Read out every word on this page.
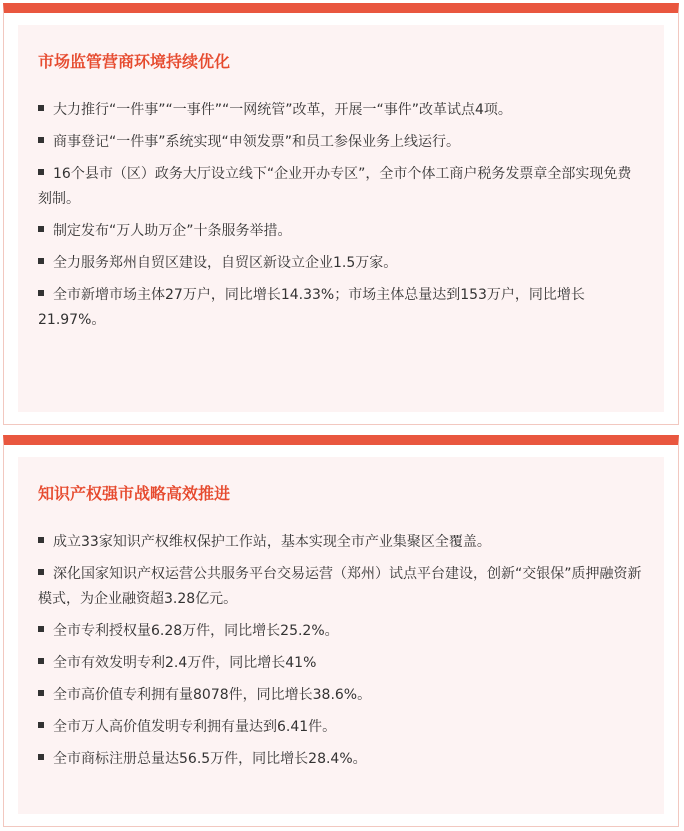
市场监管营商环境持续优化
大力推行“一件事”“一事件”“一网统管”改革，开展一“事件”改革试点4项。
商事登记“一件事”系统实现“申领发票”和员工参保业务上线运行。
16个县市（区）政务大厅设立线下“企业开办专区”，全市个体工商户税务发票章全部实现免费刻制。
制定发布“万人助万企”十条服务举措。
全力服务郑州自贸区建设，自贸区新设立企业1.5万家。
全市新增市场主体27万户，同比增长14.33%；市场主体总量达到153万户，同比增长21.97%。
知识产权强市战略高效推进
成立33家知识产权维权保护工作站，基本实现全市产业集聚区全覆盖。
深化国家知识产权运营公共服务平台交易运营（郑州）试点平台建设，创新“交银保”质押融资新模式，为企业融资超3.28亿元。
全市专利授权量6.28万件，同比增长25.2%。
全市有效发明专利2.4万件，同比增长41%
全市高价值专利拥有量8078件，同比增长38.6%。
全市万人高价值发明专利拥有量达到6.41件。
全市商标注册总量达56.5万件，同比增长28.4%。
